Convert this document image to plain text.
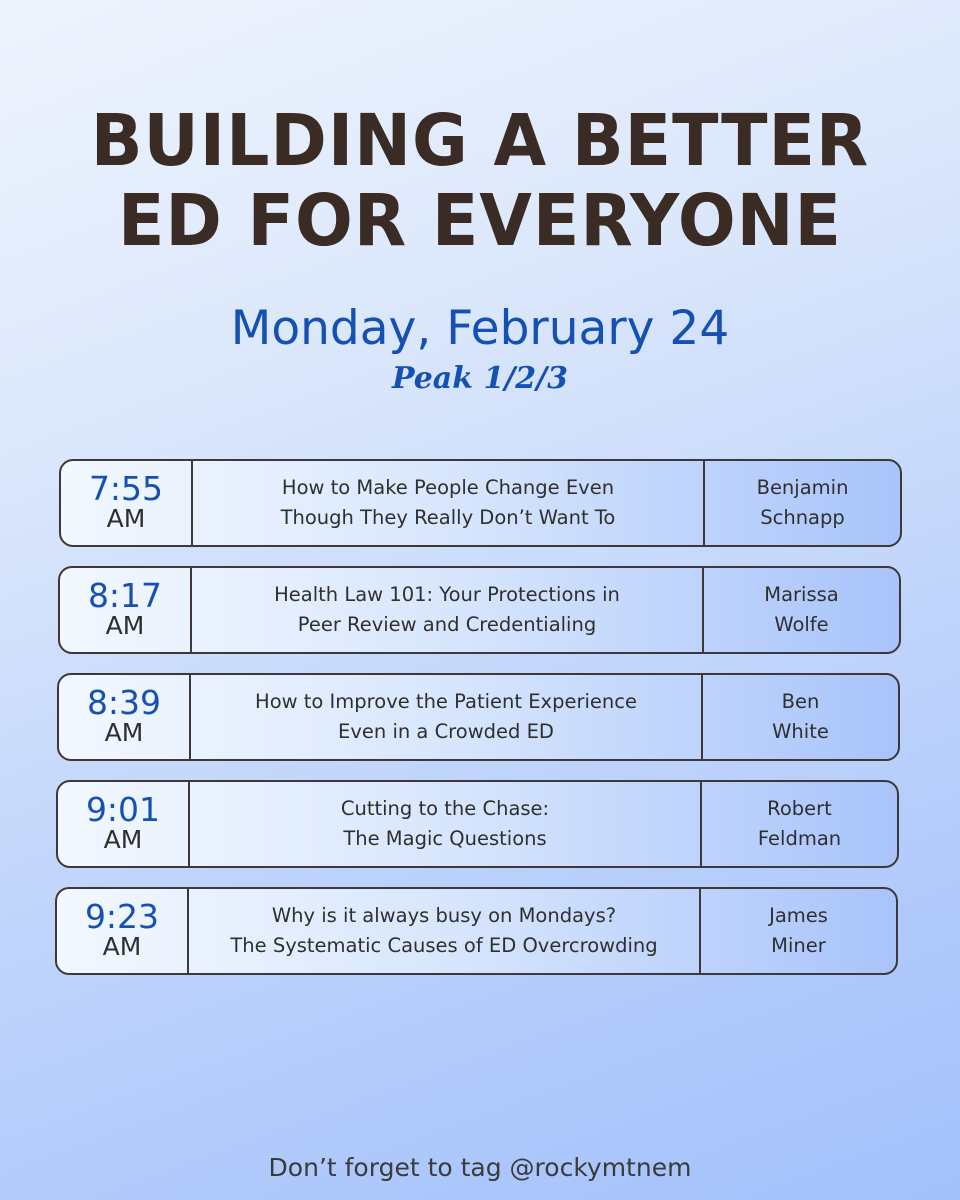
BUILDING A BETTER
ED FOR EVERYONE
Monday, February 24
Peak 1/2/3
7:55
AM
How to Make People Change Even
Though They Really Don’t Want To
Benjamin
Schnapp
8:17
AM
Health Law 101: Your Protections in
Peer Review and Credentialing
Marissa
Wolfe
8:39
AM
How to Improve the Patient Experience
Even in a Crowded ED
Ben
White
9:01
AM
Cutting to the Chase:
The Magic Questions
Robert
Feldman
9:23
AM
Why is it always busy on Mondays?
The Systematic Causes of ED Overcrowding
James
Miner
Don’t forget to tag @rockymtnem
